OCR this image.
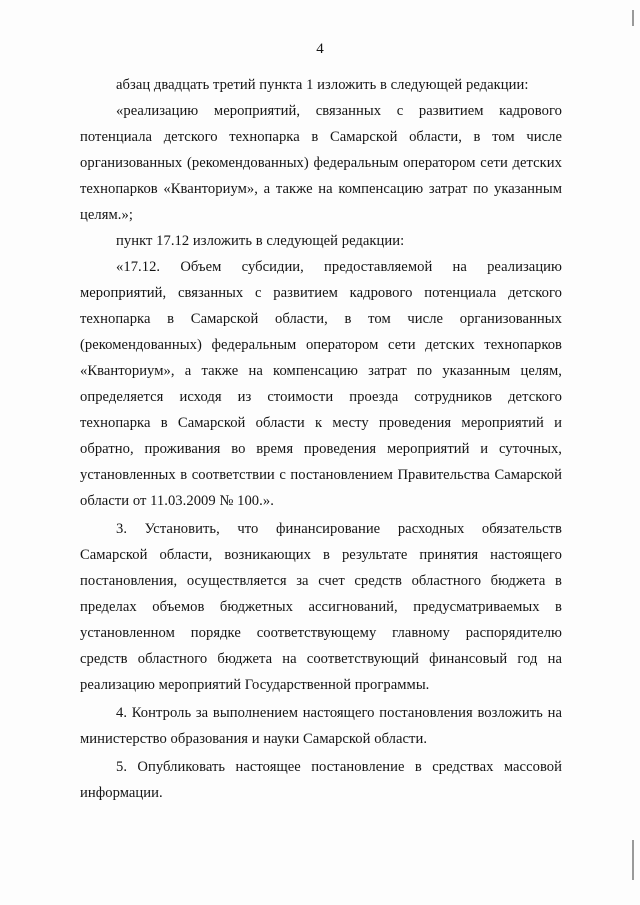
4

абзац двадцать третий пункта 1 изложить в следующей редакции:

«реализацию мероприятий, связанных с развитием кадрового потенциала детского технопарка в Самарской области, в том числе организованных (рекомендованных) федеральным оператором сети детских технопарков «Кванториум», а также на компенсацию затрат по указанным целям.»;

пункт 17.12 изложить в следующей редакции:

«17.12. Объем субсидии, предоставляемой на реализацию мероприятий, связанных с развитием кадрового потенциала детского технопарка в Самарской области, в том числе организованных (рекомендованных) федеральным оператором сети детских технопарков «Кванториум», а также на компенсацию затрат по указанным целям, определяется исходя из стоимости проезда сотрудников детского технопарка в Самарской области к месту проведения мероприятий и обратно, проживания во время проведения мероприятий и суточных, установленных в соответствии с постановлением Правительства Самарской области от 11.03.2009 № 100.».

3. Установить, что финансирование расходных обязательств Самарской области, возникающих в результате принятия настоящего постановления, осуществляется за счет средств областного бюджета в пределах объемов бюджетных ассигнований, предусматриваемых в установленном порядке соответствующему главному распорядителю средств областного бюджета на соответствующий финансовый год на реализацию мероприятий Государственной программы.

4. Контроль за выполнением настоящего постановления возложить на министерство образования и науки Самарской области.

5. Опубликовать настоящее постановление в средствах массовой информации.
